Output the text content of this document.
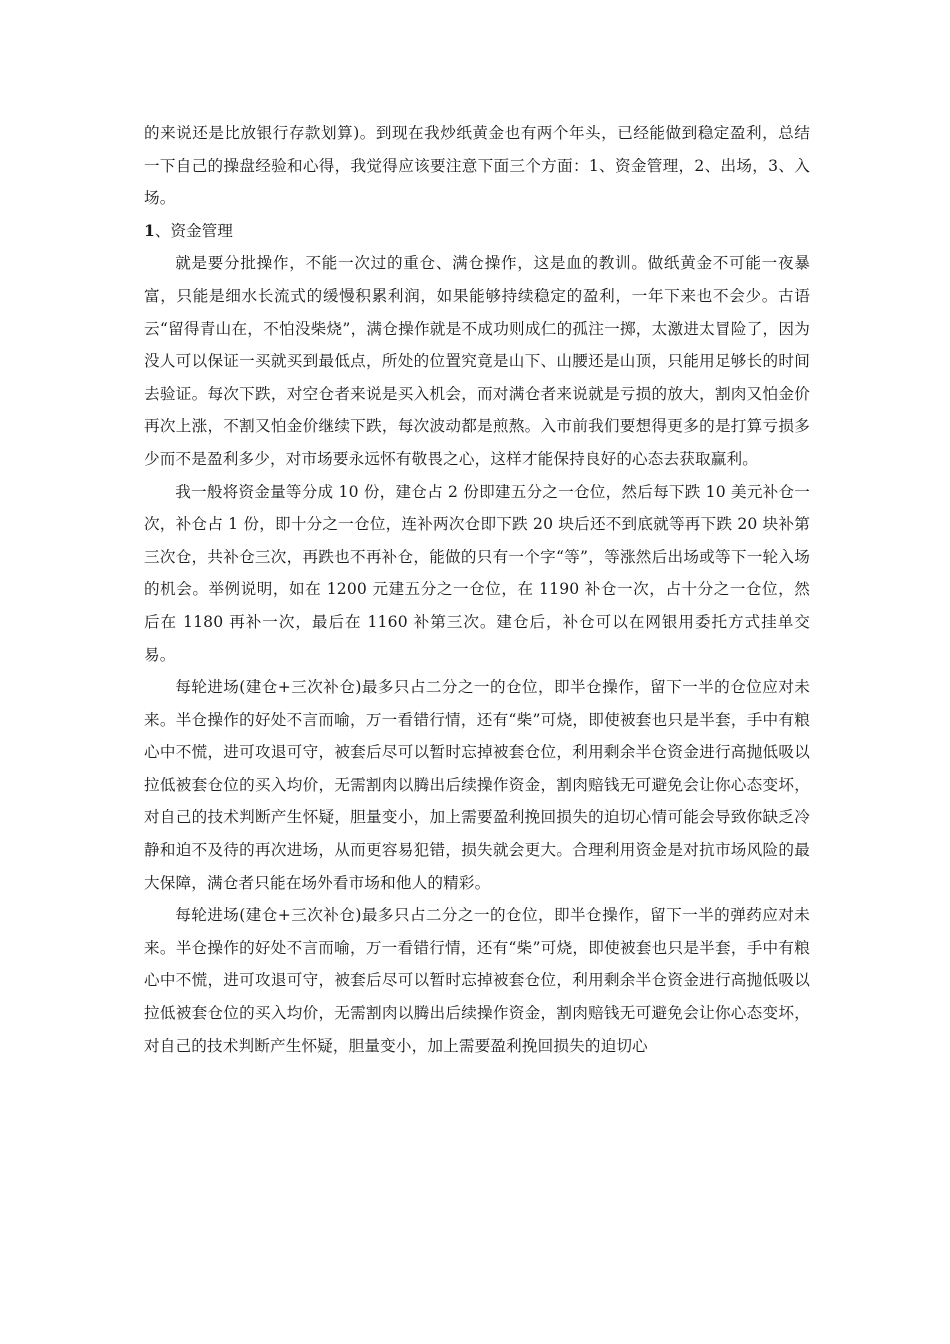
的来说还是比放银行存款划算)。到现在我炒纸黄金也有两个年头，已经能做到稳定盈利，总结一下自己的操盘经验和心得，我觉得应该要注意下面三个方面：1、资金管理，2、出场，3、入场。

1、资金管理

就是要分批操作，不能一次过的重仓、满仓操作，这是血的教训。做纸黄金不可能一夜暴富，只能是细水长流式的缓慢积累利润，如果能够持续稳定的盈利，一年下来也不会少。古语云“留得青山在，不怕没柴烧”，满仓操作就是不成功则成仁的孤注一掷，太激进太冒险了，因为没人可以保证一买就买到最低点，所处的位置究竟是山下、山腰还是山顶，只能用足够长的时间去验证。每次下跌，对空仓者来说是买入机会，而对满仓者来说就是亏损的放大，割肉又怕金价再次上涨，不割又怕金价继续下跌，每次波动都是煎熬。入市前我们要想得更多的是打算亏损多少而不是盈利多少，对市场要永远怀有敬畏之心，这样才能保持良好的心态去获取赢利。

我一般将资金量等分成 10 份，建仓占 2 份即建五分之一仓位，然后每下跌 10 美元补仓一次，补仓占 1 份，即十分之一仓位，连补两次仓即下跌 20 块后还不到底就等再下跌 20 块补第三次仓，共补仓三次，再跌也不再补仓，能做的只有一个字“等”，等涨然后出场或等下一轮入场的机会。举例说明，如在 1200 元建五分之一仓位，在 1190 补仓一次，占十分之一仓位，然后在 1180 再补一次，最后在 1160 补第三次。建仓后，补仓可以在网银用委托方式挂单交易。

每轮进场(建仓+三次补仓)最多只占二分之一的仓位，即半仓操作，留下一半的仓位应对未来。半仓操作的好处不言而喻，万一看错行情，还有“柴”可烧，即使被套也只是半套，手中有粮心中不慌，进可攻退可守，被套后尽可以暂时忘掉被套仓位，利用剩余半仓资金进行高抛低吸以拉低被套仓位的买入均价，无需割肉以腾出后续操作资金，割肉赔钱无可避免会让你心态变坏，对自己的技术判断产生怀疑，胆量变小，加上需要盈利挽回损失的迫切心情可能会导致你缺乏冷静和迫不及待的再次进场，从而更容易犯错，损失就会更大。合理利用资金是对抗市场风险的最大保障，满仓者只能在场外看市场和他人的精彩。

每轮进场(建仓+三次补仓)最多只占二分之一的仓位，即半仓操作，留下一半的弹药应对未来。半仓操作的好处不言而喻，万一看错行情，还有“柴”可烧，即使被套也只是半套，手中有粮心中不慌，进可攻退可守，被套后尽可以暂时忘掉被套仓位，利用剩余半仓资金进行高抛低吸以拉低被套仓位的买入均价，无需割肉以腾出后续操作资金，割肉赔钱无可避免会让你心态变坏，对自己的技术判断产生怀疑，胆量变小，加上需要盈利挽回损失的迫切心
